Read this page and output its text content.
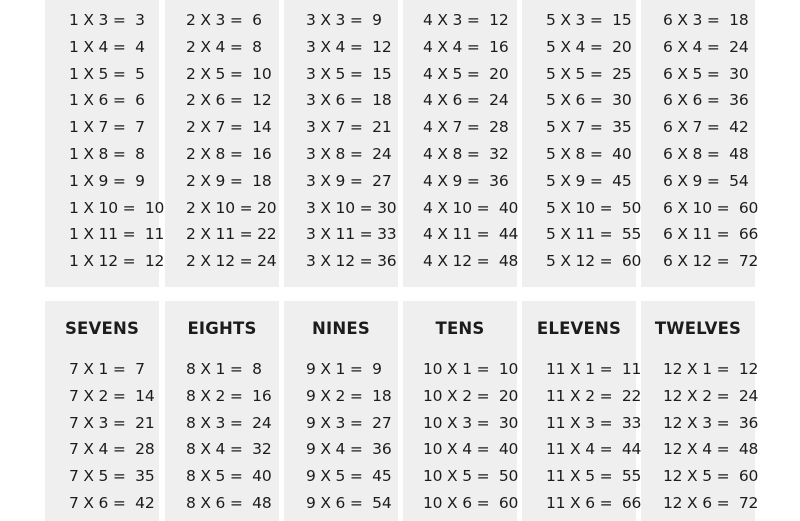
1 X 3 =  3
1 X 4 =  4
1 X 5 =  5
1 X 6 =  6
1 X 7 =  7
1 X 8 =  8
1 X 9 =  9
1 X 10 =  10
1 X 11 =  11
1 X 12 =  12
2 X 3 =  6
2 X 4 =  8
2 X 5 =  10
2 X 6 =  12
2 X 7 =  14
2 X 8 =  16
2 X 9 =  18
2 X 10 = 20
2 X 11 = 22
2 X 12 = 24
3 X 3 =  9
3 X 4 =  12
3 X 5 =  15
3 X 6 =  18
3 X 7 =  21
3 X 8 =  24
3 X 9 =  27
3 X 10 = 30
3 X 11 = 33
3 X 12 = 36
4 X 3 =  12
4 X 4 =  16
4 X 5 =  20
4 X 6 =  24
4 X 7 =  28
4 X 8 =  32
4 X 9 =  36
4 X 10 =  40
4 X 11 =  44
4 X 12 =  48
5 X 3 =  15
5 X 4 =  20
5 X 5 =  25
5 X 6 =  30
5 X 7 =  35
5 X 8 =  40
5 X 9 =  45
5 X 10 =  50
5 X 11 =  55
5 X 12 =  60
6 X 3 =  18
6 X 4 =  24
6 X 5 =  30
6 X 6 =  36
6 X 7 =  42
6 X 8 =  48
6 X 9 =  54
6 X 10 =  60
6 X 11 =  66
6 X 12 =  72
SEVENS
7 X 1 =  7
7 X 2 =  14
7 X 3 =  21
7 X 4 =  28
7 X 5 =  35
7 X 6 =  42
EIGHTS
8 X 1 =  8
8 X 2 =  16
8 X 3 =  24
8 X 4 =  32
8 X 5 =  40
8 X 6 =  48
NINES
9 X 1 =  9
9 X 2 =  18
9 X 3 =  27
9 X 4 =  36
9 X 5 =  45
9 X 6 =  54
TENS
10 X 1 =  10
10 X 2 =  20
10 X 3 =  30
10 X 4 =  40
10 X 5 =  50
10 X 6 =  60
ELEVENS
11 X 1 =  11
11 X 2 =  22
11 X 3 =  33
11 X 4 =  44
11 X 5 =  55
11 X 6 =  66
TWELVES
12 X 1 =  12
12 X 2 =  24
12 X 3 =  36
12 X 4 =  48
12 X 5 =  60
12 X 6 =  72
